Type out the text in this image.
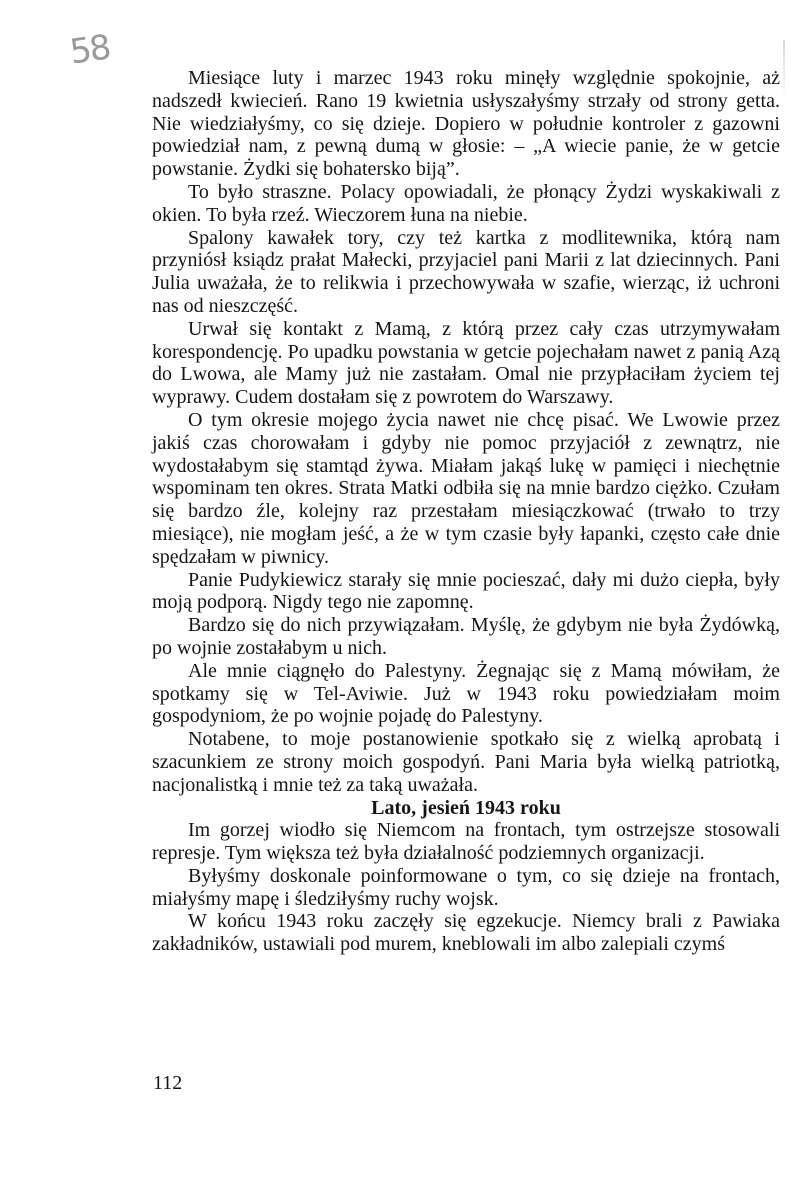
58

Miesiące luty i marzec 1943 roku minęły względnie spokojnie, aż nadszedł kwiecień. Rano 19 kwietnia usłyszałyśmy strzały od strony getta. Nie wiedziałyśmy, co się dzieje. Dopiero w południe kontroler z gazowni powiedział nam, z pewną dumą w głosie: – „A wiecie panie, że w getcie powstanie. Żydki się bohatersko biją”.

To było straszne. Polacy opowiadali, że płonący Żydzi wyskakiwali z okien. To była rzeź. Wieczorem łuna na niebie.

Spalony kawałek tory, czy też kartka z modlitewnika, którą nam przyniósł ksiądz prałat Małecki, przyjaciel pani Marii z lat dziecinnych. Pani Julia uważała, że to relikwia i przechowywała w szafie, wierząc, iż uchroni nas od nieszczęść.

Urwał się kontakt z Mamą, z którą przez cały czas utrzymywałam korespondencję. Po upadku powstania w getcie pojechałam nawet z panią Azą do Lwowa, ale Mamy już nie zastałam. Omal nie przypłaciłam życiem tej wyprawy. Cudem dostałam się z powrotem do Warszawy.

O tym okresie mojego życia nawet nie chcę pisać. We Lwowie przez jakiś czas chorowałam i gdyby nie pomoc przyjaciół z zewnątrz, nie wydostałabym się stamtąd żywa. Miałam jakąś lukę w pamięci i niechętnie wspominam ten okres. Strata Matki odbiła się na mnie bardzo ciężko. Czułam się bardzo źle, kolejny raz przestałam miesiączkować (trwało to trzy miesiące), nie mogłam jeść, a że w tym czasie były łapanki, często całe dnie spędzałam w piwnicy.

Panie Pudykiewicz starały się mnie pocieszać, dały mi dużo ciepła, były moją podporą. Nigdy tego nie zapomnę.

Bardzo się do nich przywiązałam. Myślę, że gdybym nie była Żydówką, po wojnie zostałabym u nich.

Ale mnie ciągnęło do Palestyny. Żegnając się z Mamą mówiłam, że spotkamy się w Tel-Aviwie. Już w 1943 roku powiedziałam moim gospodyniom, że po wojnie pojadę do Palestyny.

Notabene, to moje postanowienie spotkało się z wielką aprobatą i szacunkiem ze strony moich gospodyń. Pani Maria była wielką patriotką, nacjonalistką i mnie też za taką uważała.

Lato, jesień 1943 roku

Im gorzej wiodło się Niemcom na frontach, tym ostrzejsze stosowali represje. Tym większa też była działalność podziemnych organizacji.

Byłyśmy doskonale poinformowane o tym, co się dzieje na frontach, miałyśmy mapę i śledziłyśmy ruchy wojsk.

W końcu 1943 roku zaczęły się egzekucje. Niemcy brali z Pawiaka zakładników, ustawiali pod murem, kneblowali im albo zalepiali czymś

112
